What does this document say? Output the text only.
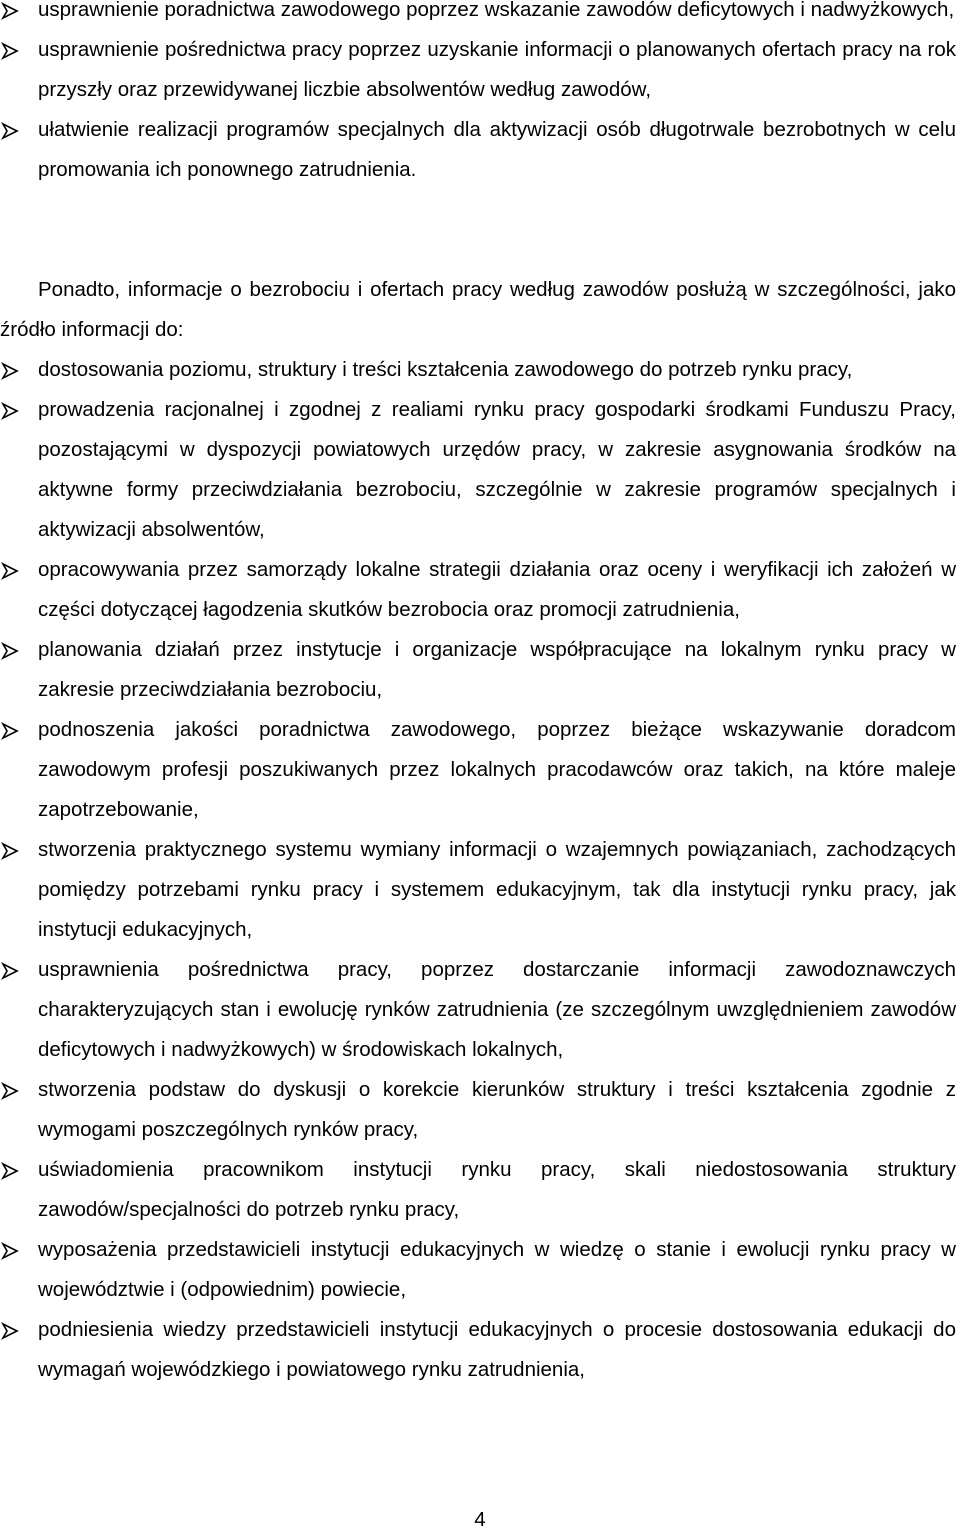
usprawnienie poradnictwa zawodowego poprzez wskazanie zawodów deficytowych i nadwyżkowych,

usprawnienie pośrednictwa pracy poprzez uzyskanie informacji o planowanych ofertach pracy na rok przyszły oraz przewidywanej liczbie absolwentów według zawodów,

ułatwienie realizacji programów specjalnych dla aktywizacji osób długotrwale bezrobotnych w celu promowania ich ponownego zatrudnienia.

Ponadto, informacje o bezrobociu i ofertach pracy według zawodów posłużą w szczególności, jako źródło informacji do:

dostosowania poziomu, struktury i treści kształcenia zawodowego do potrzeb rynku pracy,

prowadzenia racjonalnej i zgodnej z realiami rynku pracy gospodarki środkami Funduszu Pracy, pozostającymi w dyspozycji powiatowych urzędów pracy, w zakresie asygnowania środków na aktywne formy przeciwdziałania bezrobociu, szczególnie w zakresie programów specjalnych i aktywizacji absolwentów,

opracowywania przez samorządy lokalne strategii działania oraz oceny i weryfikacji ich założeń w części dotyczącej łagodzenia skutków bezrobocia oraz promocji zatrudnienia,

planowania działań przez instytucje i organizacje współpracujące na lokalnym rynku pracy w zakresie przeciwdziałania bezrobociu,

podnoszenia jakości poradnictwa zawodowego, poprzez bieżące wskazywanie doradcom zawodowym profesji poszukiwanych przez lokalnych pracodawców oraz takich, na które maleje zapotrzebowanie,

stworzenia praktycznego systemu wymiany informacji o wzajemnych powiązaniach, zachodzących pomiędzy potrzebami rynku pracy i systemem edukacyjnym, tak dla instytucji rynku pracy, jak instytucji edukacyjnych,

usprawnienia pośrednictwa pracy, poprzez dostarczanie informacji zawodoznawczych charakteryzujących stan i ewolucję rynków zatrudnienia (ze szczególnym uwzględnieniem zawodów deficytowych i nadwyżkowych) w środowiskach lokalnych,

stworzenia podstaw do dyskusji o korekcie kierunków struktury i treści kształcenia zgodnie z wymogami poszczególnych rynków pracy,

uświadomienia pracownikom instytucji rynku pracy, skali niedostosowania struktury zawodów/specjalności do potrzeb rynku pracy,

wyposażenia przedstawicieli instytucji edukacyjnych w wiedzę o stanie i ewolucji rynku pracy w województwie i (odpowiednim) powiecie,

podniesienia wiedzy przedstawicieli instytucji edukacyjnych o procesie dostosowania edukacji do wymagań wojewódzkiego i powiatowego rynku zatrudnienia,

4
